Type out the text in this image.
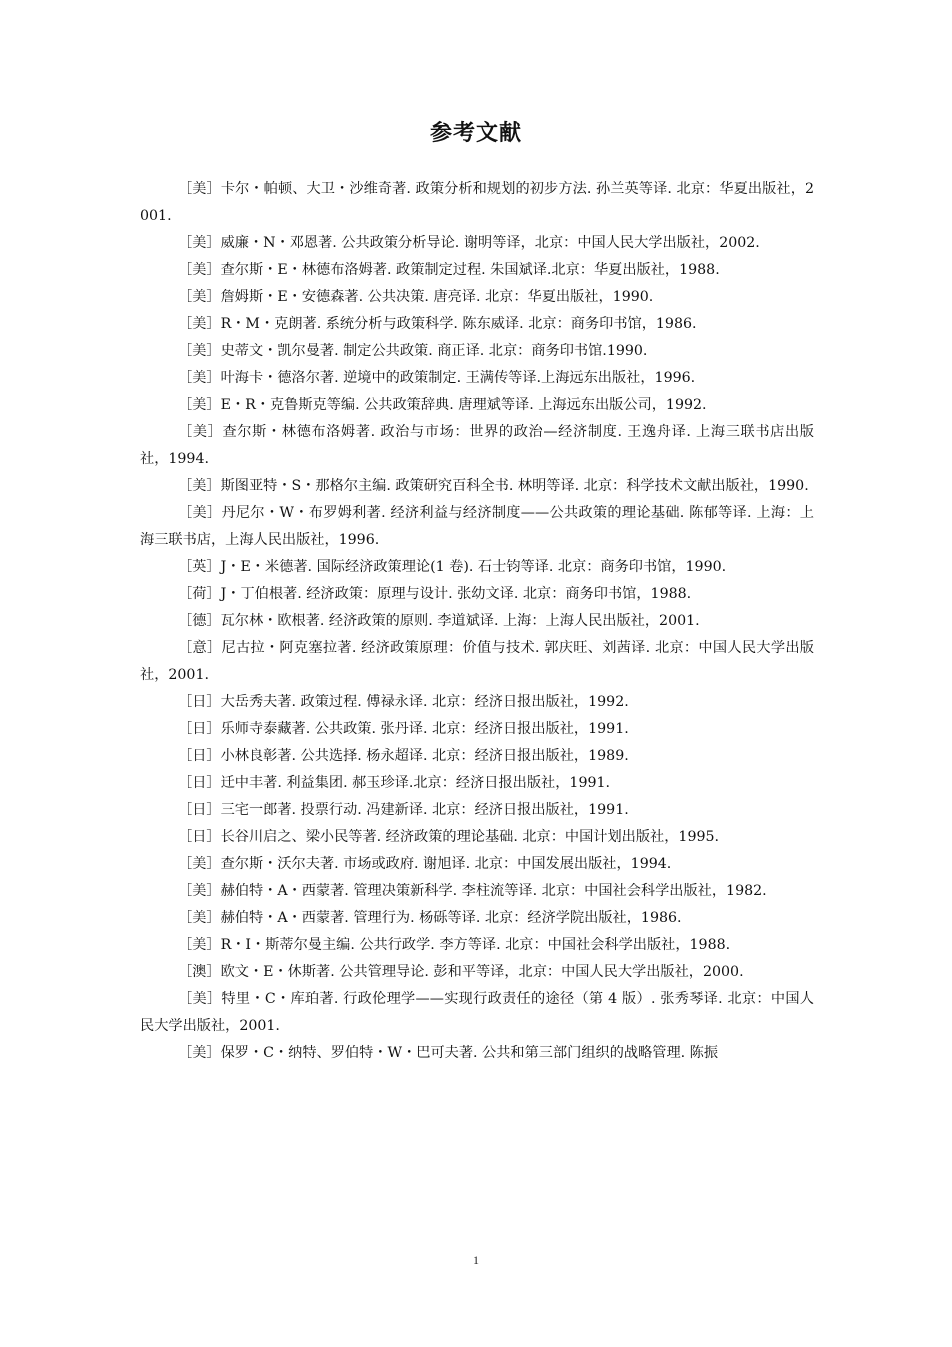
参考文献
［美］卡尔・帕顿、大卫・沙维奇著. 政策分析和规划的初步方法. 孙兰英等译. 北京：华夏出版社，2001.
［美］威廉・N・邓恩著. 公共政策分析导论. 谢明等译，北京：中国人民大学出版社，2002.
［美］查尔斯・E・林德布洛姆著. 政策制定过程. 朱国斌译.北京：华夏出版社，1988.
［美］詹姆斯・E・安德森著. 公共决策. 唐亮译. 北京：华夏出版社，1990.
［美］R・M・克朗著. 系统分析与政策科学. 陈东威译. 北京：商务印书馆，1986.
［美］史蒂文・凯尔曼著. 制定公共政策. 商正译. 北京：商务印书馆.1990.
［美］叶海卡・德洛尔著. 逆境中的政策制定. 王满传等译.上海远东出版社，1996.
［美］E・R・克鲁斯克等编. 公共政策辞典. 唐理斌等译. 上海远东出版公司，1992.
［美］查尔斯・林德布洛姆著. 政治与市场：世界的政治—经济制度. 王逸舟译. 上海三联书店出版社，1994.
［美］斯图亚特・S・那格尔主编. 政策研究百科全书. 林明等译. 北京：科学技术文献出版社，1990.
［美］丹尼尔・W・布罗姆利著. 经济利益与经济制度——公共政策的理论基础. 陈郁等译. 上海：上海三联书店，上海人民出版社，1996.
［英］J・E・米德著. 国际经济政策理论(1 卷). 石士钧等译. 北京：商务印书馆，1990.
［荷］J・丁伯根著. 经济政策：原理与设计. 张幼文译. 北京：商务印书馆，1988.
［德］瓦尔林・欧根著. 经济政策的原则. 李道斌译. 上海：上海人民出版社，2001.
［意］尼古拉・阿克塞拉著. 经济政策原理：价值与技术. 郭庆旺、刘茜译. 北京：中国人民大学出版社，2001.
［日］大岳秀夫著. 政策过程. 傅禄永译. 北京：经济日报出版社，1992.
［日］乐师寺泰藏著. 公共政策. 张丹译. 北京：经济日报出版社，1991.
［日］小林良彰著. 公共选择. 杨永超译. 北京：经济日报出版社，1989.
［日］迁中丰著. 利益集团. 郝玉珍译.北京：经济日报出版社，1991.
［日］三宅一郎著. 投票行动. 冯建新译. 北京：经济日报出版社，1991.
［日］长谷川启之、梁小民等著. 经济政策的理论基础. 北京：中国计划出版社，1995.
［美］查尔斯・沃尔夫著. 市场或政府. 谢旭译. 北京：中国发展出版社，1994.
［美］赫伯特・A・西蒙著. 管理决策新科学. 李柱流等译. 北京：中国社会科学出版社，1982.
［美］赫伯特・A・西蒙著. 管理行为. 杨砾等译. 北京：经济学院出版社，1986.
［美］R・I・斯蒂尔曼主编. 公共行政学. 李方等译. 北京：中国社会科学出版社，1988.
［澳］欧文・E・休斯著. 公共管理导论. 彭和平等译，北京：中国人民大学出版社，2000.
［美］特里・C・库珀著. 行政伦理学——实现行政责任的途径（第 4 版）. 张秀琴译. 北京：中国人民大学出版社，2001.
［美］保罗・C・纳特、罗伯特・W・巴可夫著. 公共和第三部门组织的战略管理. 陈振
1
